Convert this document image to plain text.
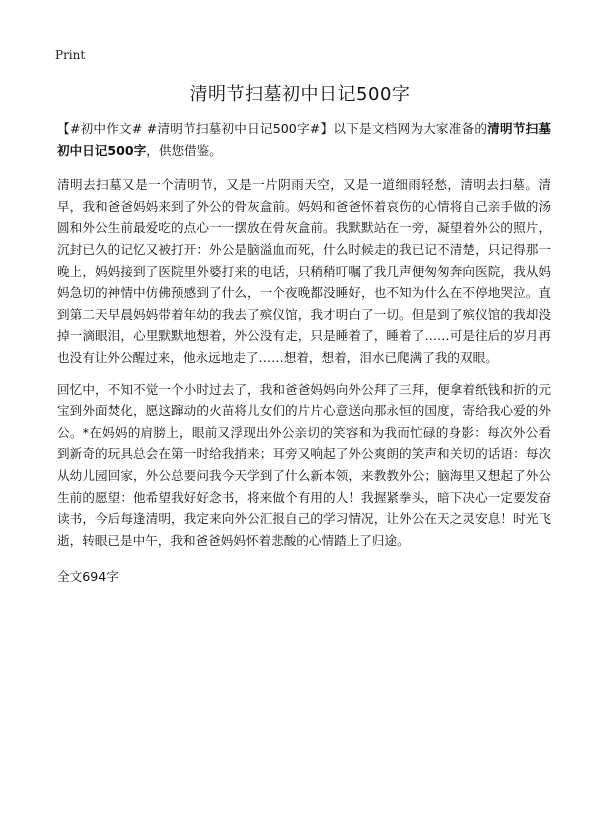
Print
清明节扫墓初中日记500字

【#初中作文# #清明节扫墓初中日记500字#】以下是文档网为大家准备的清明节扫墓初中日记500字，供您借鉴。

清明去扫墓又是一个清明节，又是一片阴雨天空，又是一道细雨轻愁，清明去扫墓。清早，我和爸爸妈妈来到了外公的骨灰盒前。妈妈和爸爸怀着哀伤的心情将自己亲手做的汤圆和外公生前最爱吃的点心一一摆放在骨灰盒前。我默默站在一旁，凝望着外公的照片，沉封已久的记忆又被打开：外公是脑溢血而死，什么时候走的我已记不清楚，只记得那一晚上，妈妈接到了医院里外婆打来的电话，只稍稍叮嘱了我几声便匆匆奔向医院，我从妈妈急切的神情中仿佛预感到了什么，一个夜晚都没睡好，也不知为什么在不停地哭泣。直到第二天早晨妈妈带着年幼的我去了殡仪馆，我才明白了一切。但是到了殡仪馆的我却没掉一滴眼泪，心里默默地想着，外公没有走，只是睡着了，睡着了……可是往后的岁月再也没有让外公醒过来，他永远地走了……想着，想着，泪水已爬满了我的双眼。

回忆中，不知不觉一个小时过去了，我和爸爸妈妈向外公拜了三拜，便拿着纸钱和折的元宝到外面焚化，愿这蹿动的火苗将儿女们的片片心意送向那永恒的国度，寄给我心爱的外公。*在妈妈的肩膀上，眼前又浮现出外公亲切的笑容和为我而忙碌的身影：每次外公看到新奇的玩具总会在第一时给我捎来；耳旁又响起了外公爽朗的笑声和关切的话语：每次从幼儿园回家，外公总要问我今天学到了什么新本领，来教教外公；脑海里又想起了外公生前的愿望：他希望我好好念书，将来做个有用的人！我握紧拳头，暗下决心一定要发奋读书，今后每逢清明，我定来向外公汇报自己的学习情况，让外公在天之灵安息！时光飞逝，转眼已是中午，我和爸爸妈妈怀着悲酸的心情踏上了归途。

全文694字
